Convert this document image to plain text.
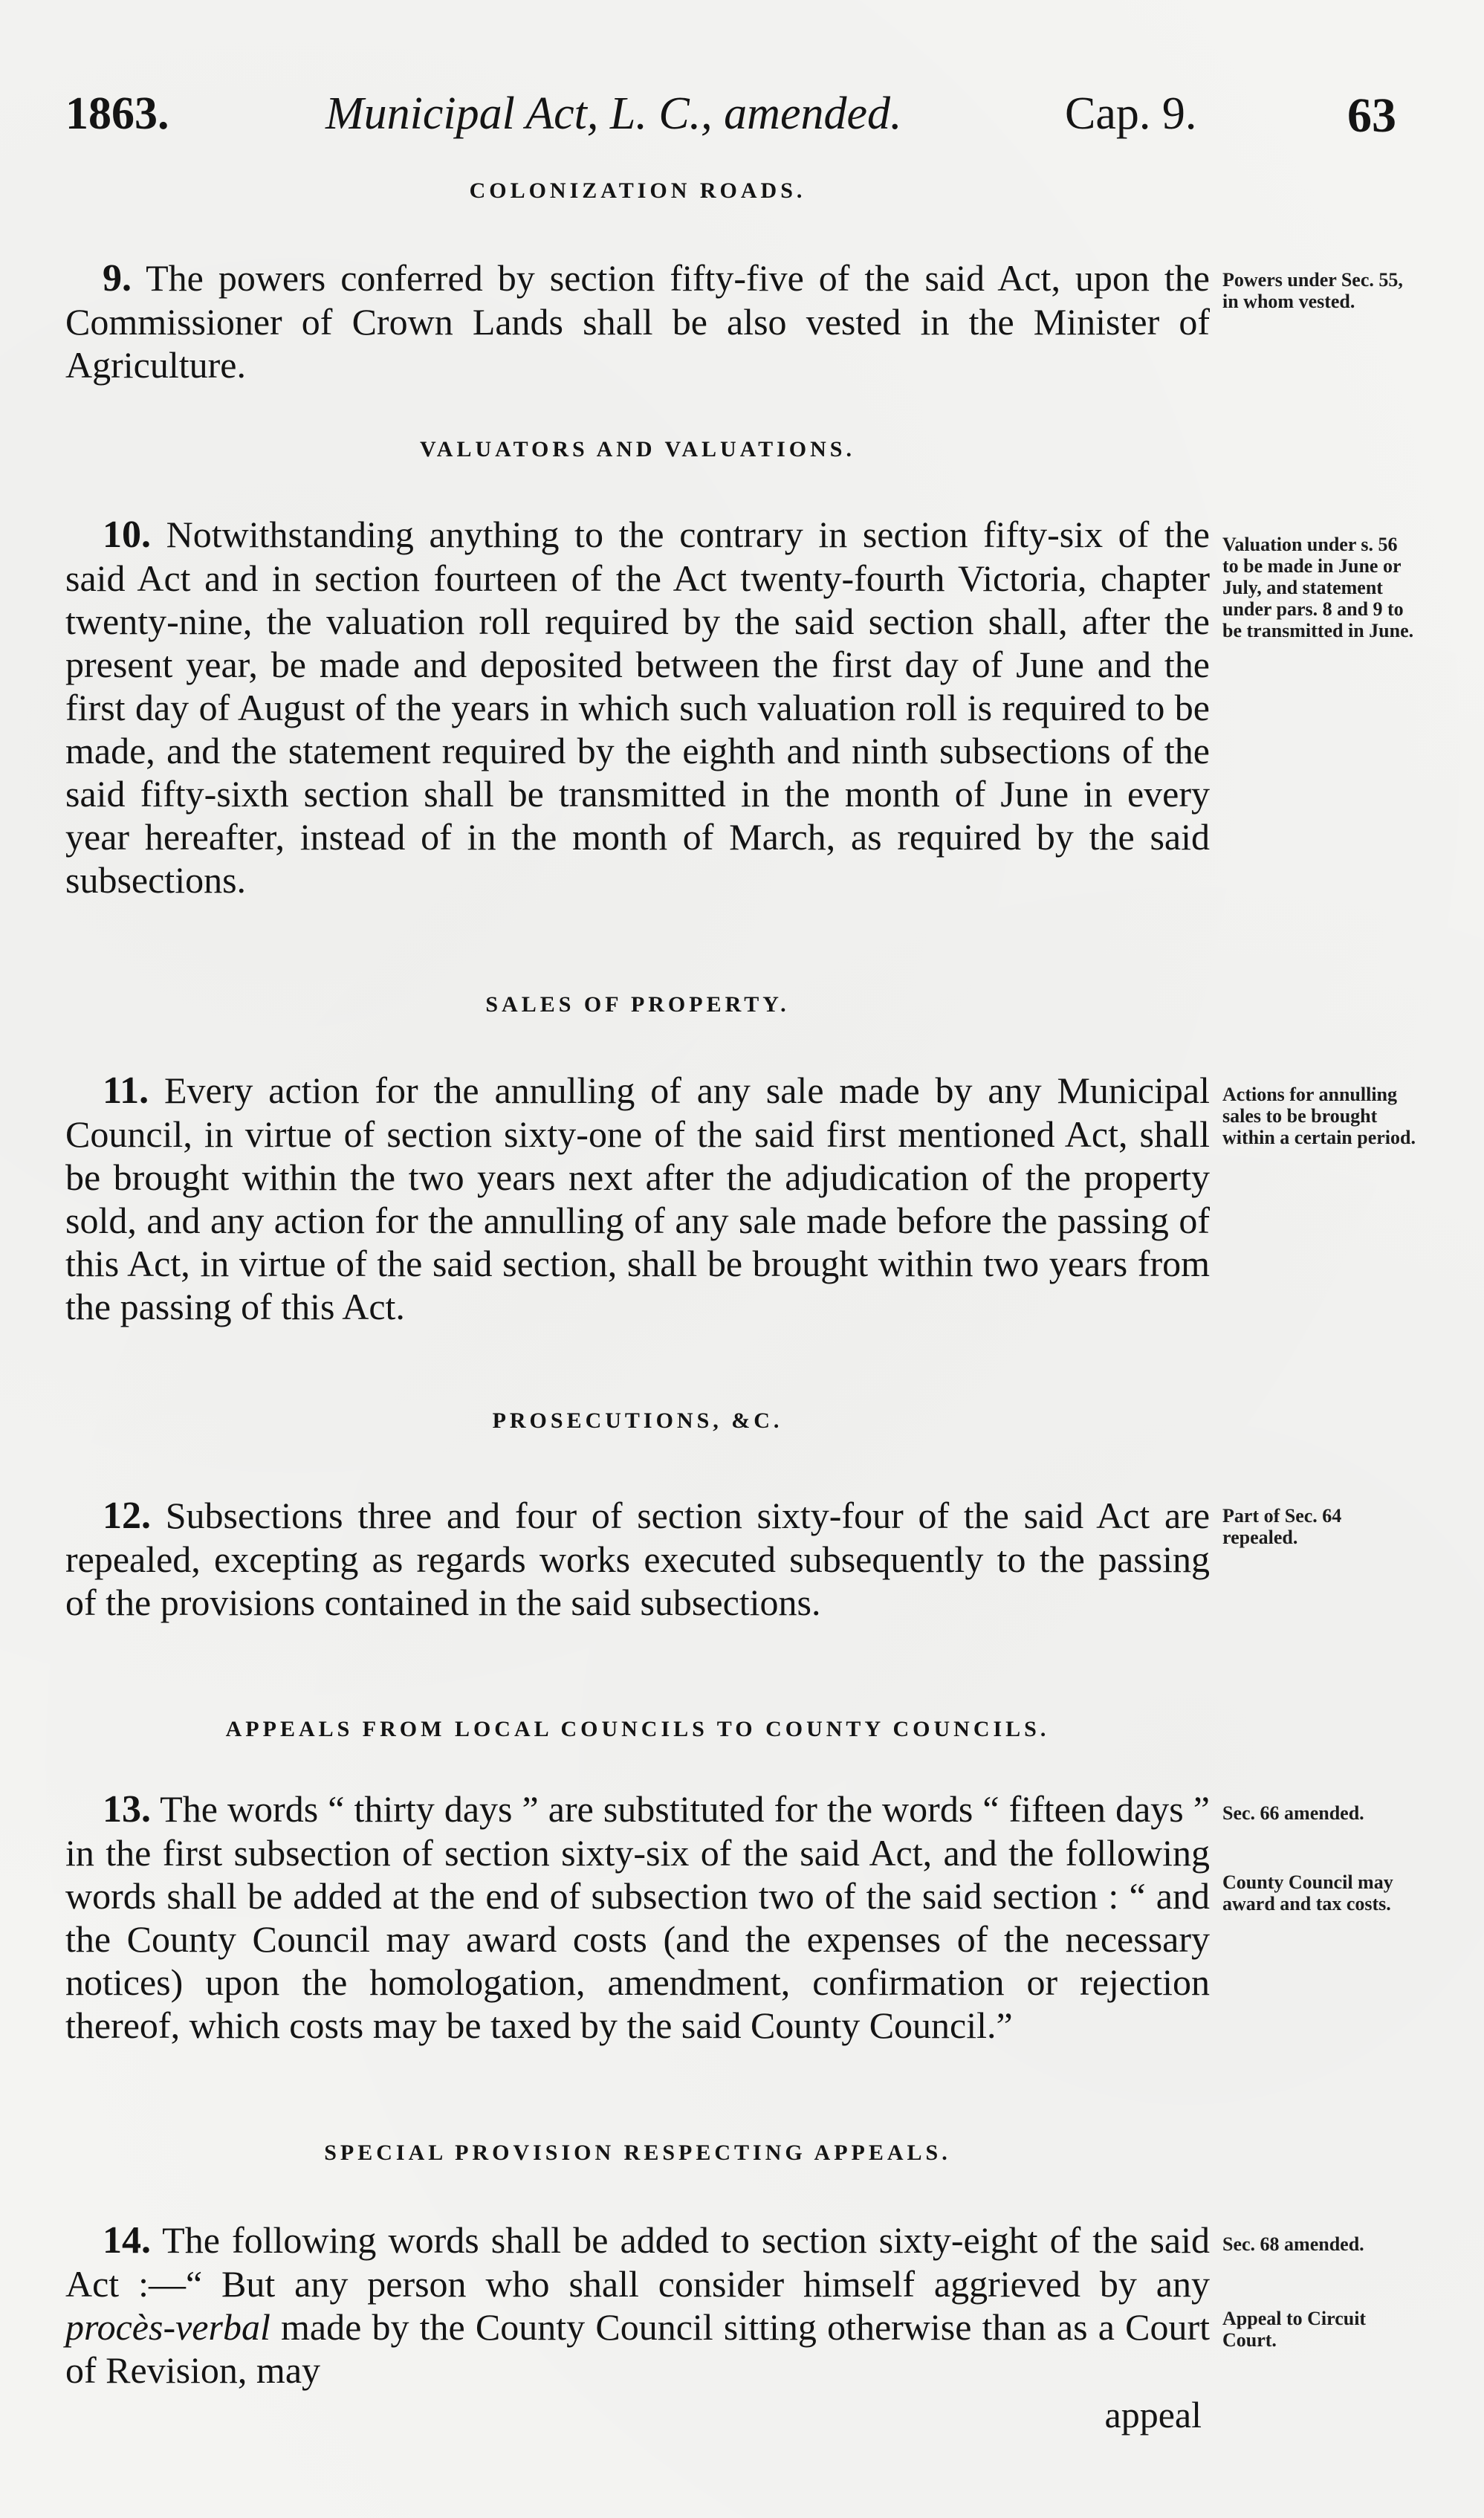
1863.	Municipal Act, L. C., amended.	Cap. 9.	63
COLONIZATION ROADS.
9. The powers conferred by section fifty-five of the said Act, upon the Commissioner of Crown Lands shall be also vested in the Minister of Agriculture.
Powers under Sec. 55, in whom vested.
VALUATORS AND VALUATIONS.
10. Notwithstanding anything to the contrary in section fifty-six of the said Act and in section fourteen of the Act twenty-fourth Victoria, chapter twenty-nine, the valuation roll required by the said section shall, after the present year, be made and deposited between the first day of June and the first day of August of the years in which such valuation roll is required to be made, and the statement required by the eighth and ninth subsections of the said fifty-sixth section shall be transmitted in the month of June in every year hereafter, instead of in the month of March, as required by the said subsections.
Valuation under s. 56 to be made in June or July, and statement under pars. 8 and 9 to be transmitted in June.
SALES OF PROPERTY.
11. Every action for the annulling of any sale made by any Municipal Council, in virtue of section sixty-one of the said first mentioned Act, shall be brought within the two years next after the adjudication of the property sold, and any action for the annulling of any sale made before the passing of this Act, in virtue of the said section, shall be brought within two years from the passing of this Act.
Actions for annulling sales to be brought within a certain period.
PROSECUTIONS, &C.
12. Subsections three and four of section sixty-four of the said Act are repealed, excepting as regards works executed subsequently to the passing of the provisions contained in the said subsections.
Part of Sec. 64 repealed.
APPEALS FROM LOCAL COUNCILS TO COUNTY COUNCILS.
13. The words “ thirty days ” are substituted for the words “ fifteen days ” in the first subsection of section sixty-six of the said Act, and the following words shall be added at the end of subsection two of the said section : “ and the County Council may award costs (and the expenses of the necessary notices) upon the homologation, amendment, confirmation or rejection thereof, which costs may be taxed by the said County Council.”
Sec. 66 amended.
County Council may award and tax costs.
SPECIAL PROVISION RESPECTING APPEALS.
14. The following words shall be added to section sixty-eight of the said Act :—“ But any person who shall consider himself aggrieved by any procès-verbal made by the County Council sitting otherwise than as a Court of Revision, may
Sec. 68 amended.
Appeal to Circuit Court.
appeal
